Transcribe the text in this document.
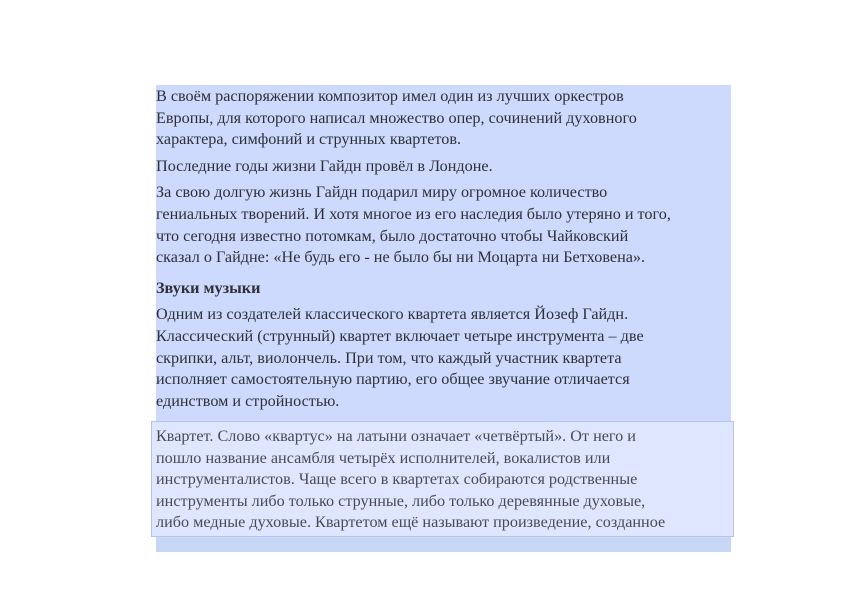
В своём распоряжении композитор имел один из лучших оркестров
Европы, для которого написал множество опер, сочинений духовного
характера, симфоний и струнных квартетов.

Последние годы жизни Гайдн провёл в Лондоне.

За свою долгую жизнь Гайдн подарил миру огромное количество
гениальных творений. И хотя многое из его наследия было утеряно и того,
что сегодня известно потомкам, было достаточно чтобы Чайковский
сказал о Гайдне: «Не будь его - не было бы ни Моцарта ни Бетховена».

Звуки музыки

Одним из создателей классического квартета является Йозеф Гайдн.
Классический (струнный) квартет включает четыре инструмента – две
скрипки, альт, виолончель. При том, что каждый участник квартета
исполняет самостоятельную партию, его общее звучание отличается
единством и стройностью.

Квартет. Слово «квартус» на латыни означает «четвёртый». От него и
пошло название ансамбля четырёх исполнителей, вокалистов или
инструменталистов. Чаще всего в квартетах собираются родственные
инструменты либо только струнные, либо только деревянные духовые,
либо медные духовые. Квартетом ещё называют произведение, созданное
